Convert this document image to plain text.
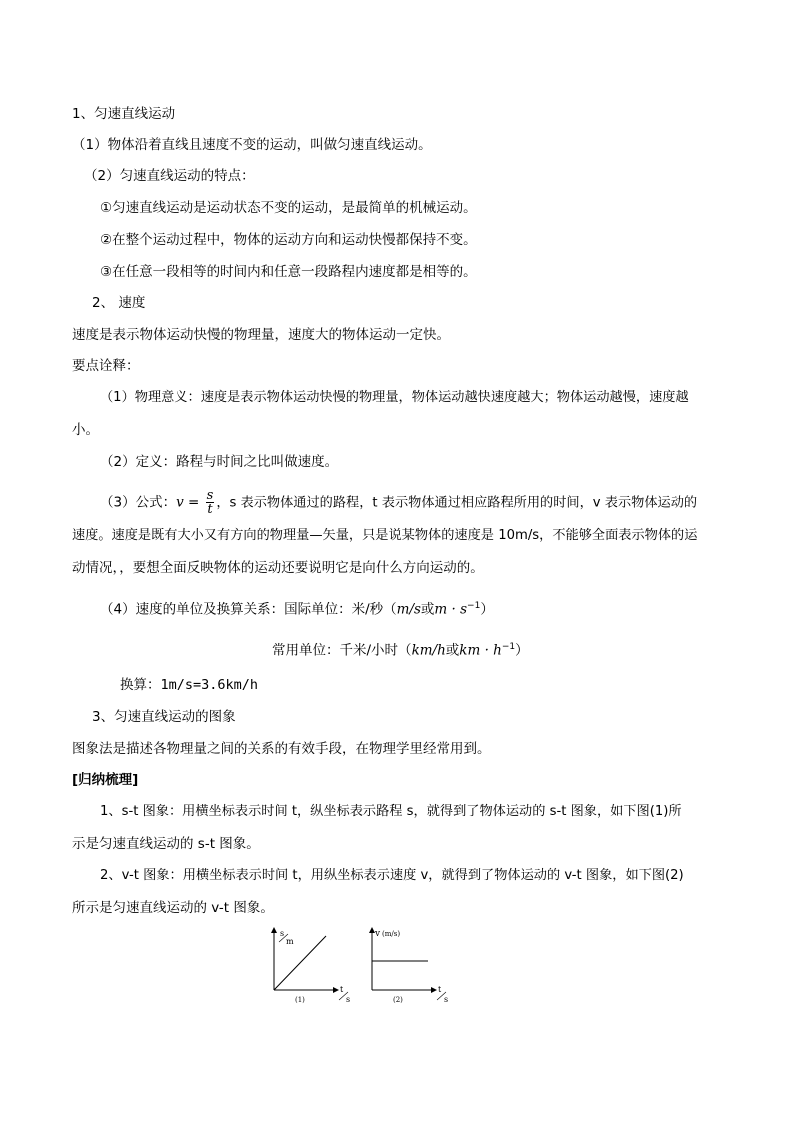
1、匀速直线运动
（1）物体沿着直线且速度不变的运动，叫做匀速直线运动。
（2）匀速直线运动的特点：
①匀速直线运动是运动状态不变的运动，是最简单的机械运动。
②在整个运动过程中，物体的运动方向和运动快慢都保持不变。
③在任意一段相等的时间内和任意一段路程内速度都是相等的。
2、 速度
速度是表示物体运动快慢的物理量，速度大的物体运动一定快。
要点诠释：
（1）物理意义：速度是表示物体运动快慢的物理量，物体运动越快速度越大；物体运动越慢，速度越
小。
（2）定义：路程与时间之比叫做速度。
（3）公式：$v = \frac{s}{t}$ ，s 表示物体通过的路程，t 表示物体通过相应路程所用的时间，v 表示物体运动的
速度。速度是既有大小又有方向的物理量—矢量，只是说某物体的速度是 10m/s，不能够全面表示物体的运
动情况，，要想全面反映物体的运动还要说明它是向什么方向运动的。
（4）速度的单位及换算关系：国际单位：米/秒（m/s或$m \cdot s^{-1}$）
常用单位：千米/小时（km/h或km · $h^{-1}$）
换算：1m/s=3.6km/h
3、匀速直线运动的图象
图象法是描述各物理量之间的关系的有效手段，在物理学里经常用到。
[归纳梳理]
1、s-t 图象：用横坐标表示时间 t，纵坐标表示路程 s，就得到了物体运动的 s-t 图象，如下图(1)所
示是匀速直线运动的 s-t 图象。
2、v-t 图象：用横坐标表示时间 t，用纵坐标表示速度 v，就得到了物体运动的 v-t 图象，如下图(2)
所示是匀速直线运动的 v-t 图象。
s
m
t
s
(1)
v (m/s)
t
s
(2)
